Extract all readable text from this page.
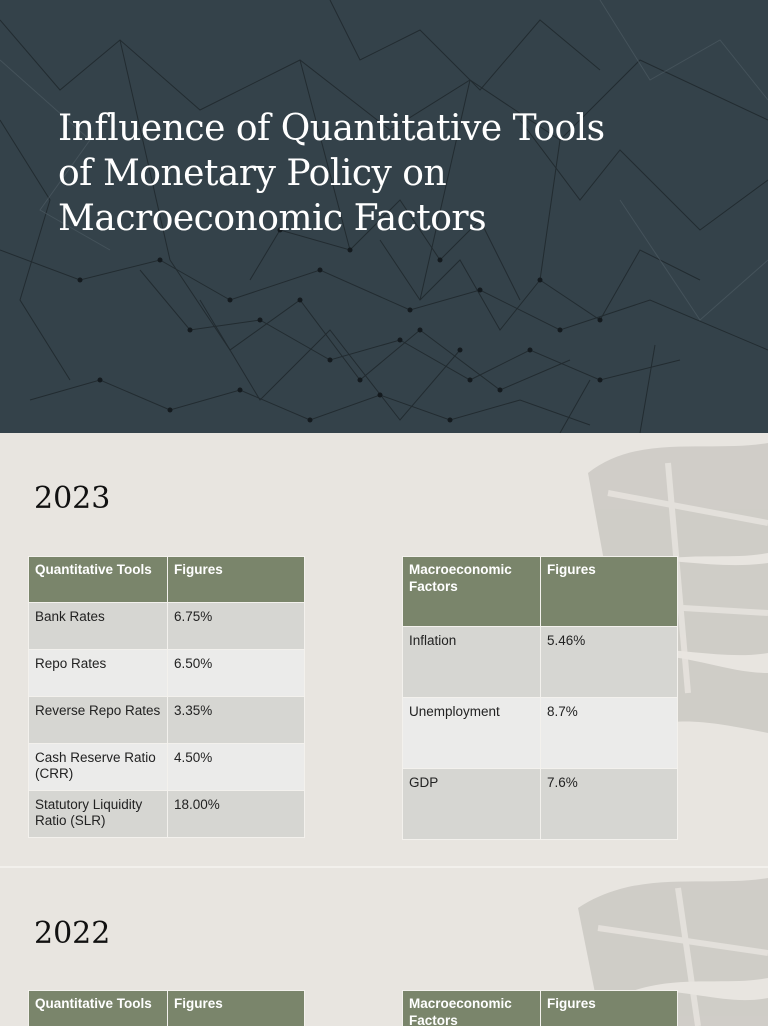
Influence of Quantitative Tools
of Monetary Policy on
Macroeconomic Factors
2023
Quantitative Tools	Figures
Bank Rates	6.75%
Repo Rates	6.50%
Reverse Repo Rates	3.35%
Cash Reserve Ratio (CRR)	4.50%
Statutory Liquidity Ratio (SLR)	18.00%
Macroeconomic Factors	Figures
Inflation	5.46%
Unemployment	8.7%
GDP	7.6%
2022
Quantitative Tools	Figures	Macroeconomic Factors	Figures
